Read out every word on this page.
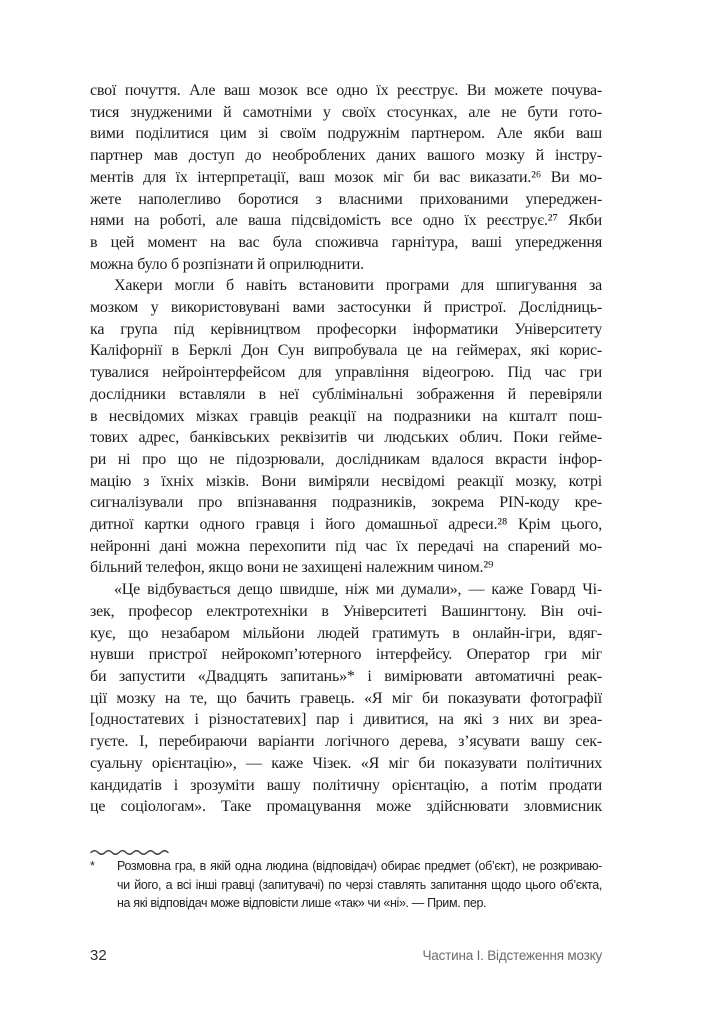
свої почуття. Але ваш мозок все одно їх реєструє. Ви можете почува-
тися знудженими й самотніми у своїх стосунках, але не бути гото-
вими поділитися цим зі своїм подружнім партнером. Але якби ваш
партнер мав доступ до необроблених даних вашого мозку й інстру-
ментів для їх інтерпретації, ваш мозок міг би вас виказати.²⁶ Ви мо-
жете наполегливо боротися з власними прихованими упереджен-
нями на роботі, але ваша підсвідомість все одно їх реєструє.²⁷ Якби
в цей момент на вас була споживча гарнітура, ваші упередження
можна було б розпізнати й оприлюднити.
Хакери могли б навіть встановити програми для шпигування за
мозком у використовувані вами застосунки й пристрої. Дослідниць-
ка група під керівництвом професорки інформатики Університету
Каліфорнії в Берклі Дон Сун випробувала це на геймерах, які корис-
тувалися нейроінтерфейсом для управління відеогрою. Під час гри
дослідники вставляли в неї сублімінальні зображення й перевіряли
в несвідомих мізках гравців реакції на подразники на кшталт пош-
тових адрес, банківських реквізитів чи людських облич. Поки гейме-
ри ні про що не підозрювали, дослідникам вдалося вкрасти інфор-
мацію з їхніх мізків. Вони виміряли несвідомі реакції мозку, котрі
сигналізували про впізнавання подразників, зокрема PIN-коду кре-
дитної картки одного гравця і його домашньої адреси.²⁸ Крім цього,
нейронні дані можна перехопити під час їх передачі на спарений мо-
більний телефон, якщо вони не захищені належним чином.²⁹
«Це відбувається дещо швидше, ніж ми думали», — каже Говард Чі-
зек, професор електротехніки в Університеті Вашингтону. Він очі-
кує, що незабаром мільйони людей гратимуть в онлайн-ігри, вдяг-
нувши пристрої нейрокомп’ютерного інтерфейсу. Оператор гри міг
би запустити «Двадцять запитань»* і вимірювати автоматичні реак-
ції мозку на те, що бачить гравець. «Я міг би показувати фотографії
[одностатевих і різностатевих] пар і дивитися, на які з них ви зреа-
гуєте. І, перебираючи варіанти логічного дерева, з’ясувати вашу сек-
суальну орієнтацію», — каже Чізек. «Я міг би показувати політичних
кандидатів і зрозуміти вашу політичну орієнтацію, а потім продати
це соціологам». Таке промацування може здійснювати зловмисник
* Розмовна гра, в якій одна людина (відповідач) обирає предмет (об’єкт), не розкриваю-
чи його, а всі інші гравці (запитувачі) по черзі ставлять запитання щодо цього об’єкта,
на які відповідач може відповісти лише «так» чи «ні». — Прим. пер.
32	Частина І. Відстеження мозку
